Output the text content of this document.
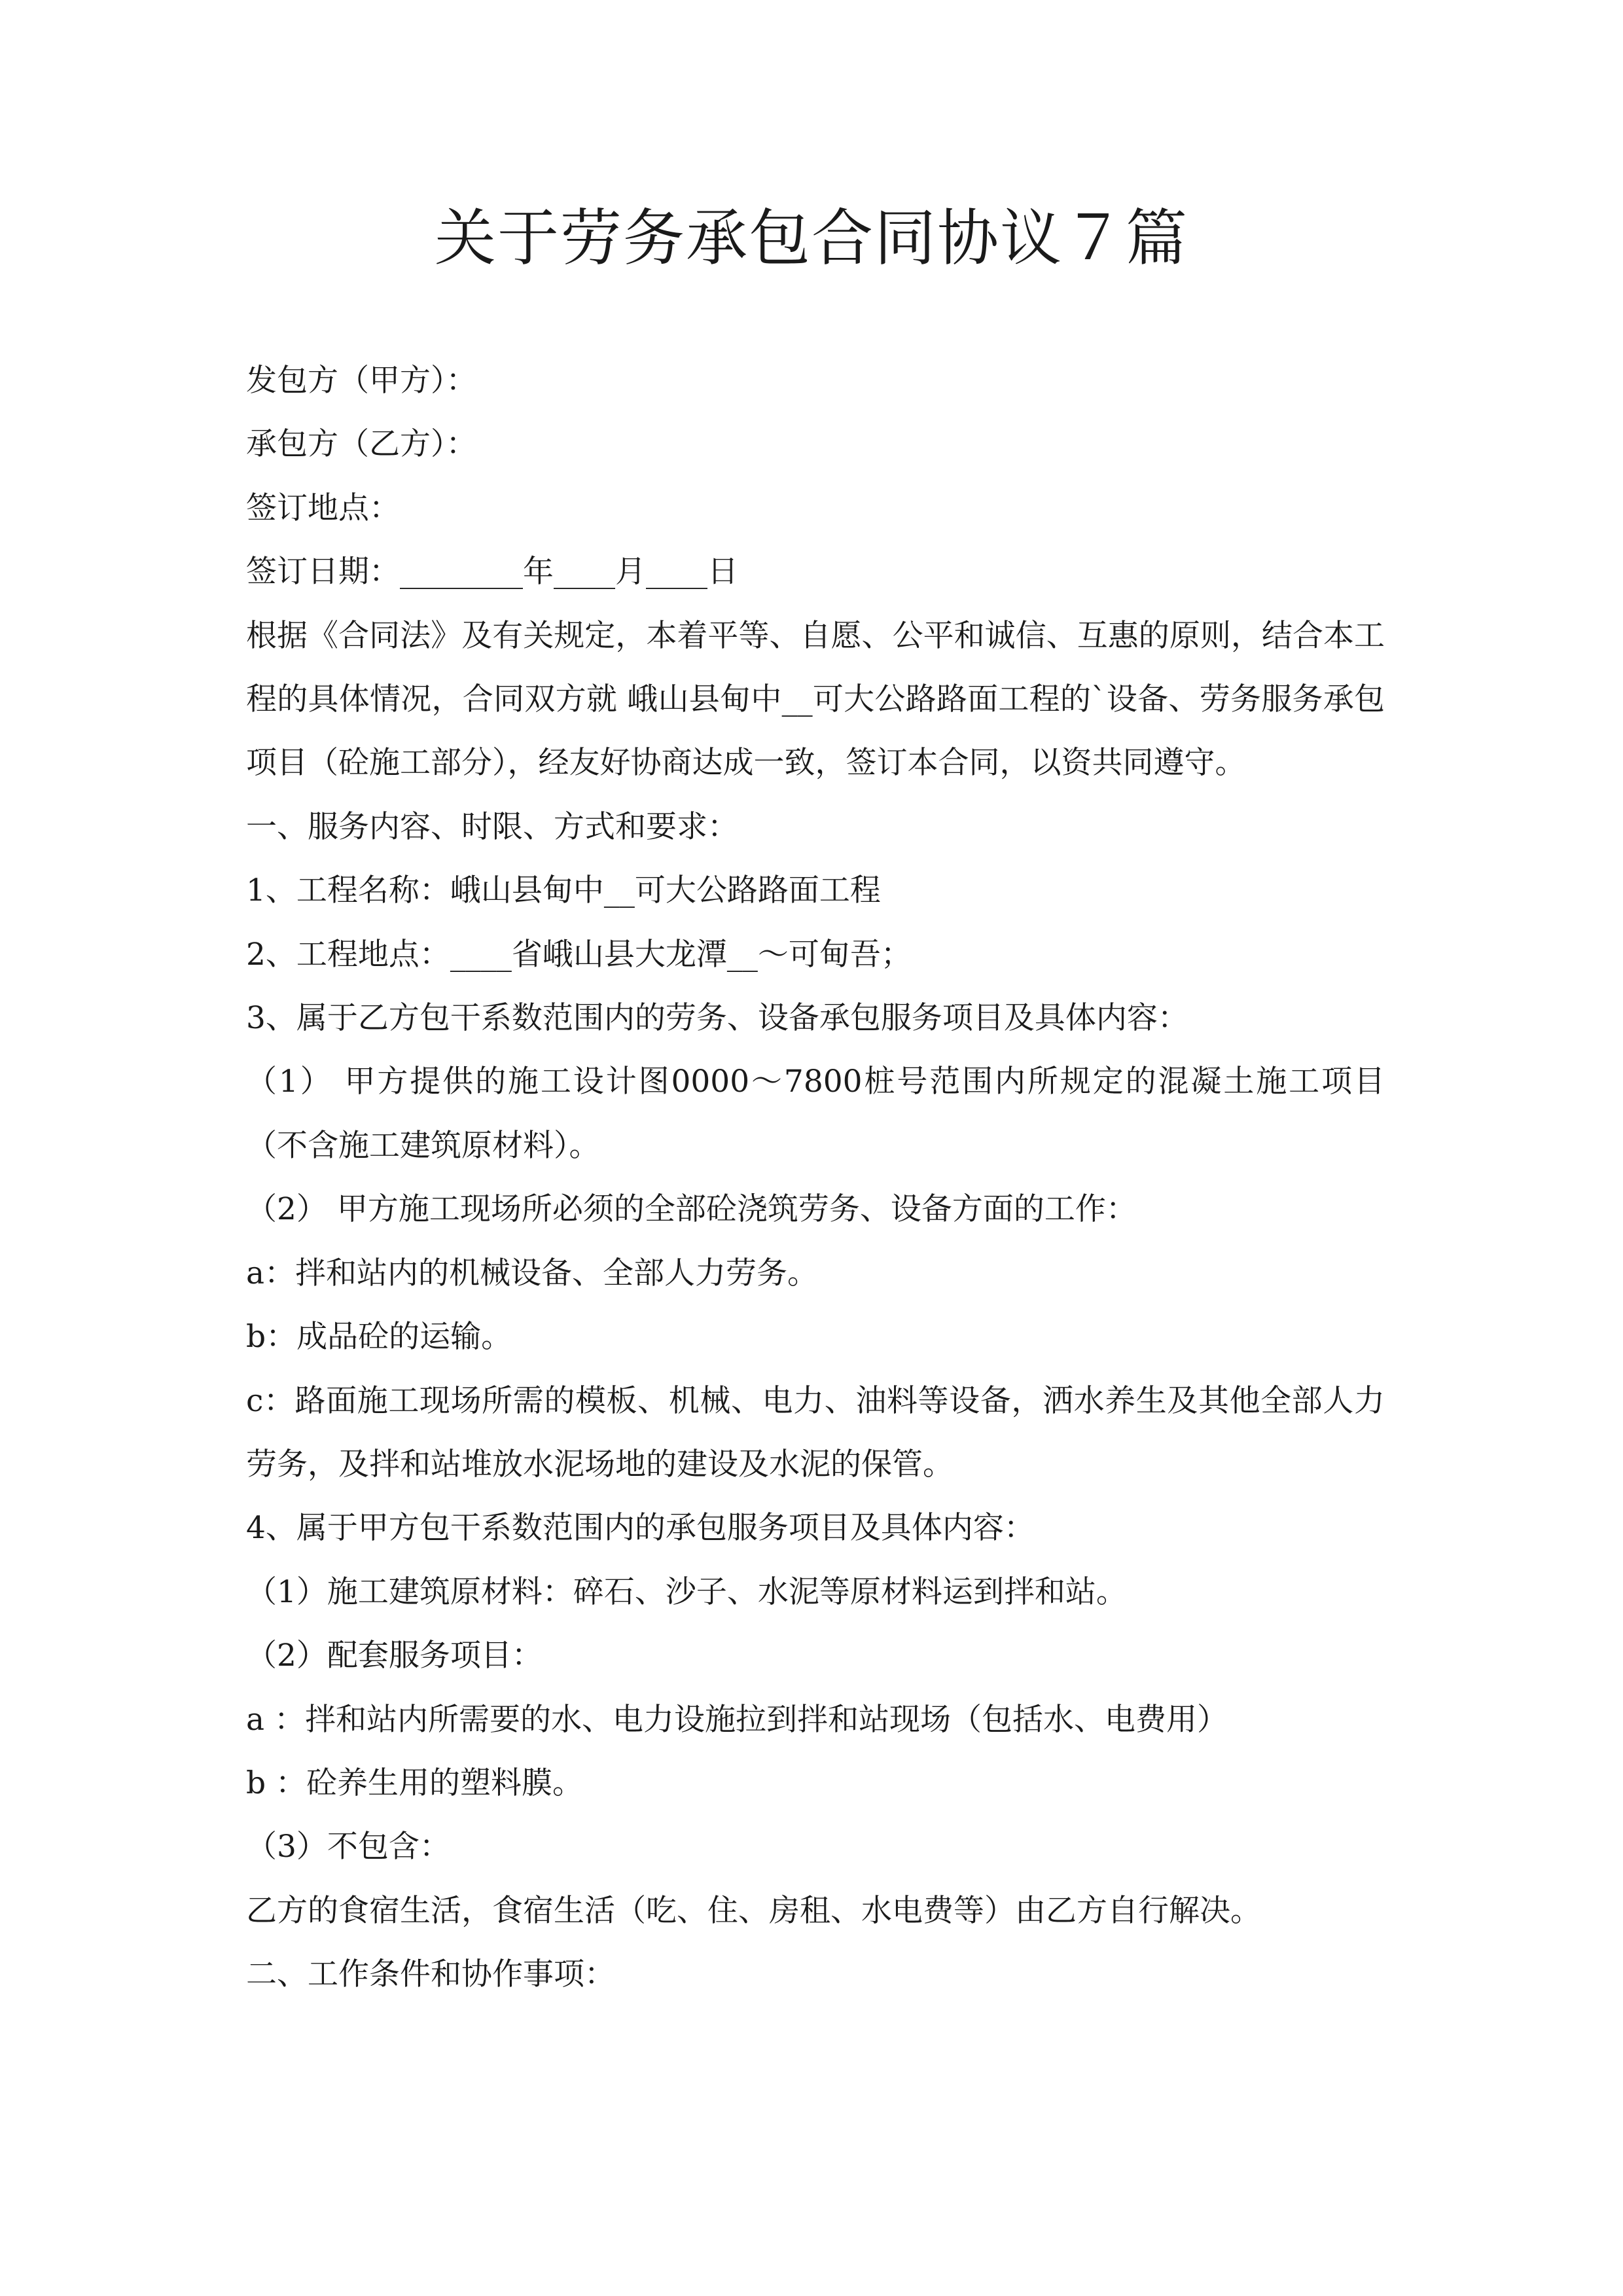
关于劳务承包合同协议７篇

发包方（甲方）：

承包方（乙方）：

签订地点：

签订日期：________年____月____日

根据《合同法》及有关规定，本着平等、自愿、公平和诚信、互惠的原则，结合本工程的具体情况，合同双方就 峨山县甸中__可大公路路面工程的`设备、劳务服务承包项目（砼施工部分），经友好协商达成一致，签订本合同，以资共同遵守。

一、服务内容、时限、方式和要求：

1、工程名称：峨山县甸中__可大公路路面工程

2、工程地点：____省峨山县大龙潭__～可甸吾；

3、属于乙方包干系数范围内的劳务、设备承包服务项目及具体内容：

（1） 甲方提供的施工设计图0000～7800桩号范围内所规定的混凝土施工项目（不含施工建筑原材料）。

（2） 甲方施工现场所必须的全部砼浇筑劳务、设备方面的工作：

a：拌和站内的机械设备、全部人力劳务。

b：成品砼的运输。

c：路面施工现场所需的模板、机械、电力、油料等设备，洒水养生及其他全部人力劳务，及拌和站堆放水泥场地的建设及水泥的保管。

4、属于甲方包干系数范围内的承包服务项目及具体内容：

（1）施工建筑原材料：碎石、沙子、水泥等原材料运到拌和站。

（2）配套服务项目：

a ：拌和站内所需要的水、电力设施拉到拌和站现场（包括水、电费用）

b ：砼养生用的塑料膜。

（3）不包含：

乙方的食宿生活，食宿生活（吃、住、房租、水电费等）由乙方自行解决。

二、工作条件和协作事项：
